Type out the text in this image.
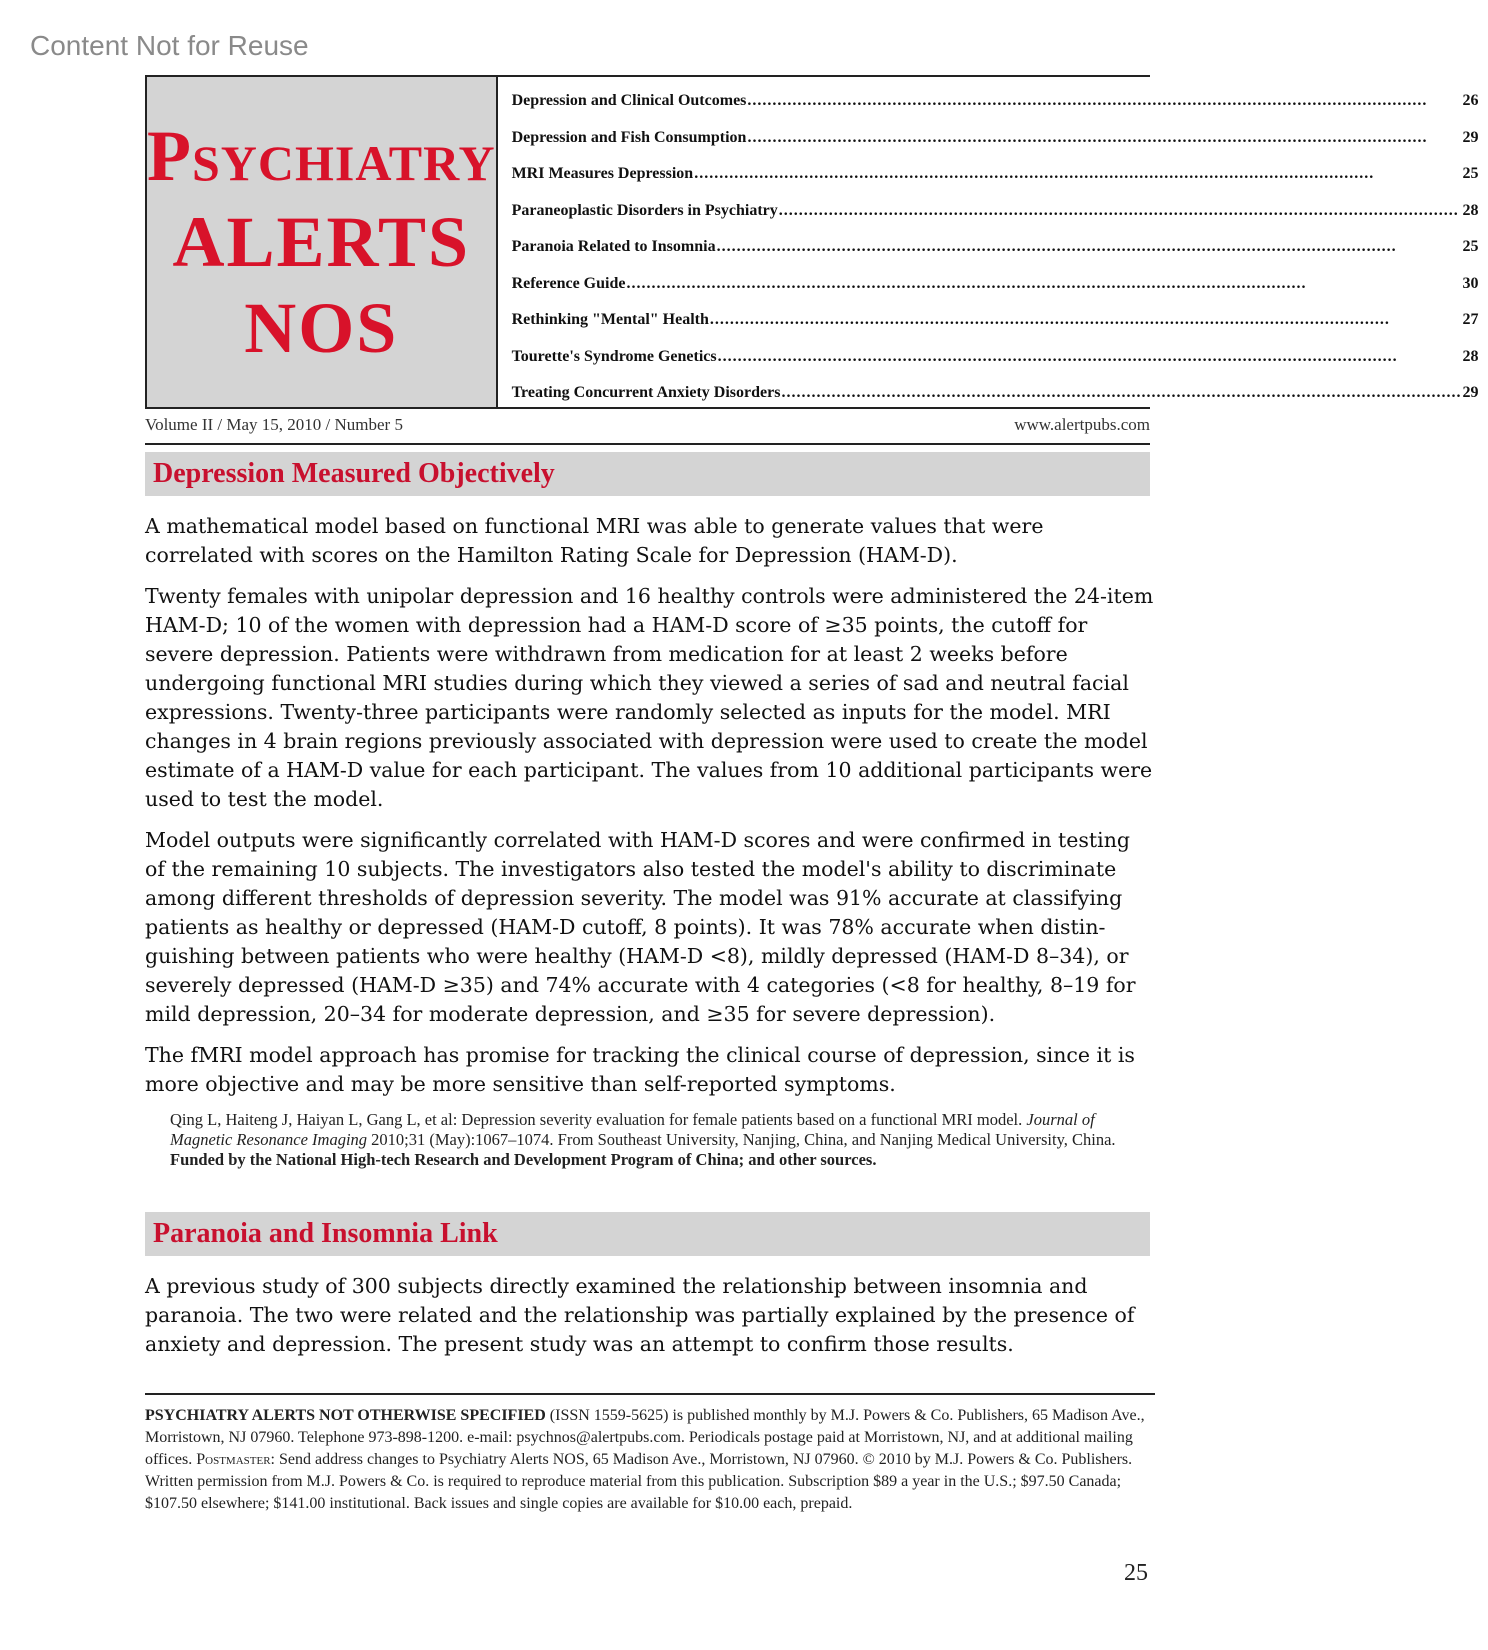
Content Not for Reuse
Psychiatry
ALERTS
NOS
Depression and Clinical Outcomes .....	26
Depression and Fish Consumption .....	29
MRI Measures Depression .....	25
Paraneoplastic Disorders in Psychiatry .....	28
Paranoia Related to Insomnia .....	25
Reference Guide .....	30
Rethinking "Mental" Health .....	27
Tourette's Syndrome Genetics .....	28
Treating Concurrent Anxiety Disorders .....	29
Volume II / May 15, 2010 / Number 5	www.alertpubs.com
Depression Measured Objectively

A mathematical model based on functional MRI was able to generate values that were correlated with scores on the Hamilton Rating Scale for Depression (HAM-D).

Twenty females with unipolar depression and 16 healthy controls were administered the 24-item HAM-D; 10 of the women with depression had a HAM-D score of ≥35 points, the cutoff for severe depression. Patients were withdrawn from medication for at least 2 weeks before undergoing functional MRI studies during which they viewed a series of sad and neutral facial expressions. Twenty-three participants were randomly selected as inputs for the model. MRI changes in 4 brain regions previously associated with depression were used to create the model estimate of a HAM-D value for each participant. The values from 10 additional participants were used to test the model.

Model outputs were significantly correlated with HAM-D scores and were confirmed in testing of the remaining 10 subjects. The investigators also tested the model's ability to discriminate among different thresholds of depression severity. The model was 91% accurate at classifying patients as healthy or depressed (HAM-D cutoff, 8 points). It was 78% accurate when distin-guishing between patients who were healthy (HAM-D <8), mildly depressed (HAM-D 8–34), or severely depressed (HAM-D ≥35) and 74% accurate with 4 categories (<8 for healthy, 8–19 for mild depression, 20–34 for moderate depression, and ≥35 for severe depression).

The fMRI model approach has promise for tracking the clinical course of depression, since it is more objective and may be more sensitive than self-reported symptoms.

Qing L, Haiteng J, Haiyan L, Gang L, et al: Depression severity evaluation for female patients based on a functional MRI model. Journal of Magnetic Resonance Imaging 2010;31 (May):1067–1074. From Southeast University, Nanjing, China, and Nanjing Medical University, China. Funded by the National High-tech Research and Development Program of China; and other sources.
Paranoia and Insomnia Link

A previous study of 300 subjects directly examined the relationship between insomnia and paranoia. The two were related and the relationship was partially explained by the presence of anxiety and depression. The present study was an attempt to confirm those results.

PSYCHIATRY ALERTS NOT OTHERWISE SPECIFIED (ISSN 1559-5625) is published monthly by M.J. Powers & Co. Publishers, 65 Madison Ave., Morristown, NJ 07960. Telephone 973-898-1200. e-mail: psychnos@alertpubs.com. Periodicals postage paid at Morristown, NJ, and at additional mailing offices. Postmaster: Send address changes to Psychiatry Alerts NOS, 65 Madison Ave., Morristown, NJ 07960. © 2010 by M.J. Powers & Co. Publishers. Written permission from M.J. Powers & Co. is required to reproduce material from this publication. Subscription $89 a year in the U.S.; $97.50 Canada; $107.50 elsewhere; $141.00 institutional. Back issues and single copies are available for $10.00 each, prepaid.
25
